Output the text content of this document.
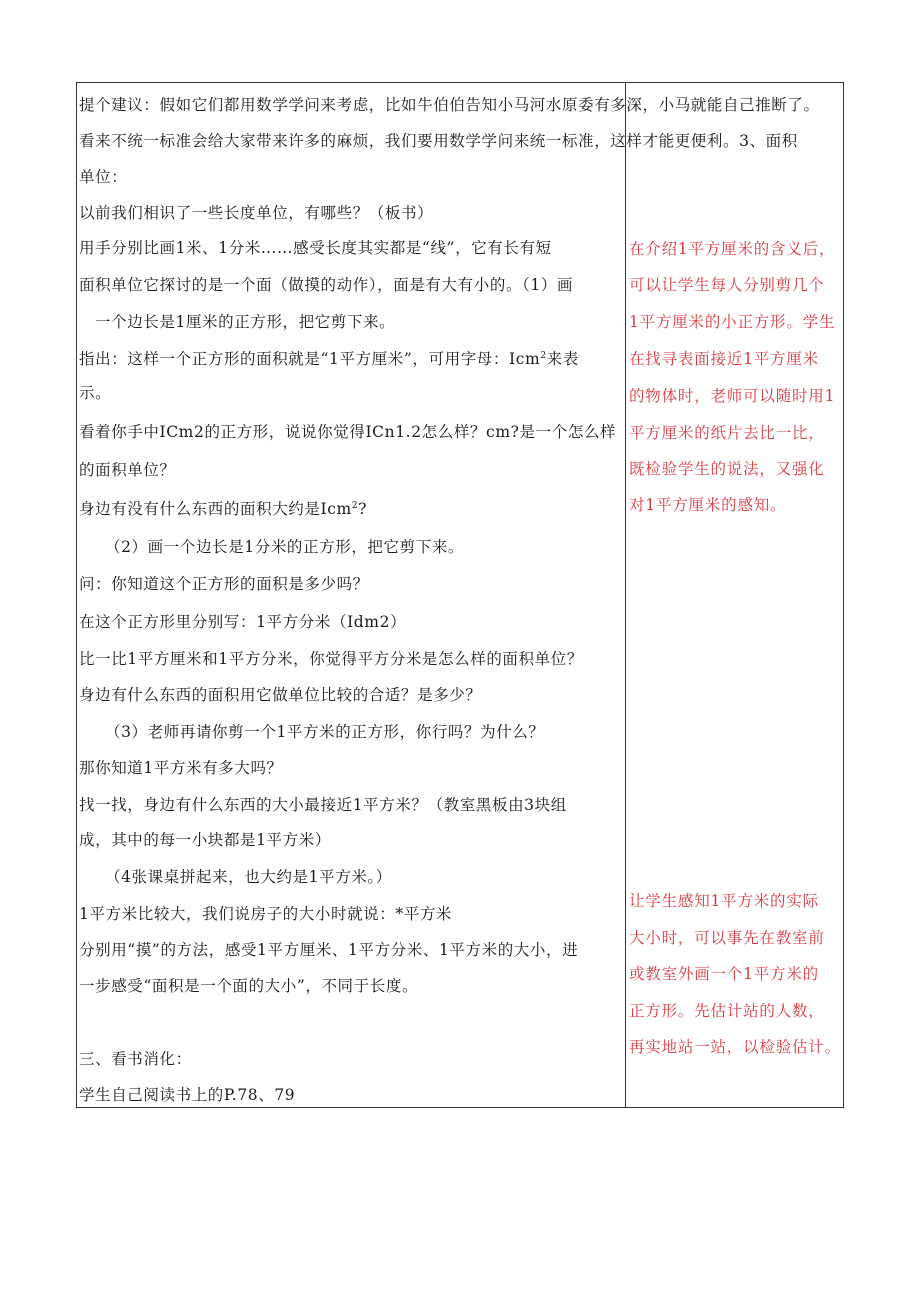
提个建议：假如它们都用数学学问来考虑，比如牛伯伯告知小马河水原委有多深，小马就能自己推断了。
看来不统一标准会给大家带来许多的麻烦，我们要用数学学问来统一标准，这样才能更便利。3、面积
单位：
以前我们相识了一些长度单位，有哪些？（板书）
用手分别比画1米、1分米……感受长度其实都是“线”，它有长有短
面积单位它探讨的是一个面（做摸的动作），面是有大有小的。（1）画
一个边长是1厘米的正方形，把它剪下来。
指出：这样一个正方形的面积就是“1平方厘米”，可用字母：Icm$^2$来表
示。
看着你手中ICm2的正方形，说说你觉得ICn1.2怎么样？cm?是一个怎么样
的面积单位？
身边有没有什么东西的面积大约是Icm$^2$?
（2）画一个边长是1分米的正方形，把它剪下来。
问：你知道这个正方形的面积是多少吗？
在这个正方形里分别写：1平方分米（Idm2）
比一比1平方厘米和1平方分米，你觉得平方分米是怎么样的面积单位？
身边有什么东西的面积用它做单位比较的合适？是多少？
（3）老师再请你剪一个1平方米的正方形，你行吗？为什么？
那你知道1平方米有多大吗？
找一找，身边有什么东西的大小最接近1平方米？（教室黑板由3块组
成，其中的每一小块都是1平方米）
（4张课桌拼起来，也大约是1平方米。）
1平方米比较大，我们说房子的大小时就说：*平方米
分别用“摸”的方法，感受1平方厘米、1平方分米、1平方米的大小，进
一步感受“面积是一个面的大小”，不同于长度。
三、看书消化：
学生自己阅读书上的P.78、79
在介绍1平方厘米的含义后，
可以让学生每人分别剪几个
1平方厘米的小正方形。学生
在找寻表面接近1平方厘米
的物体时，老师可以随时用1
平方厘米的纸片去比一比，
既检验学生的说法，又强化
对1平方厘米的感知。
让学生感知1平方米的实际
大小时，可以事先在教室前
或教室外画一个1平方米的
正方形。先估计站的人数，
再实地站一站，以检验估计。
